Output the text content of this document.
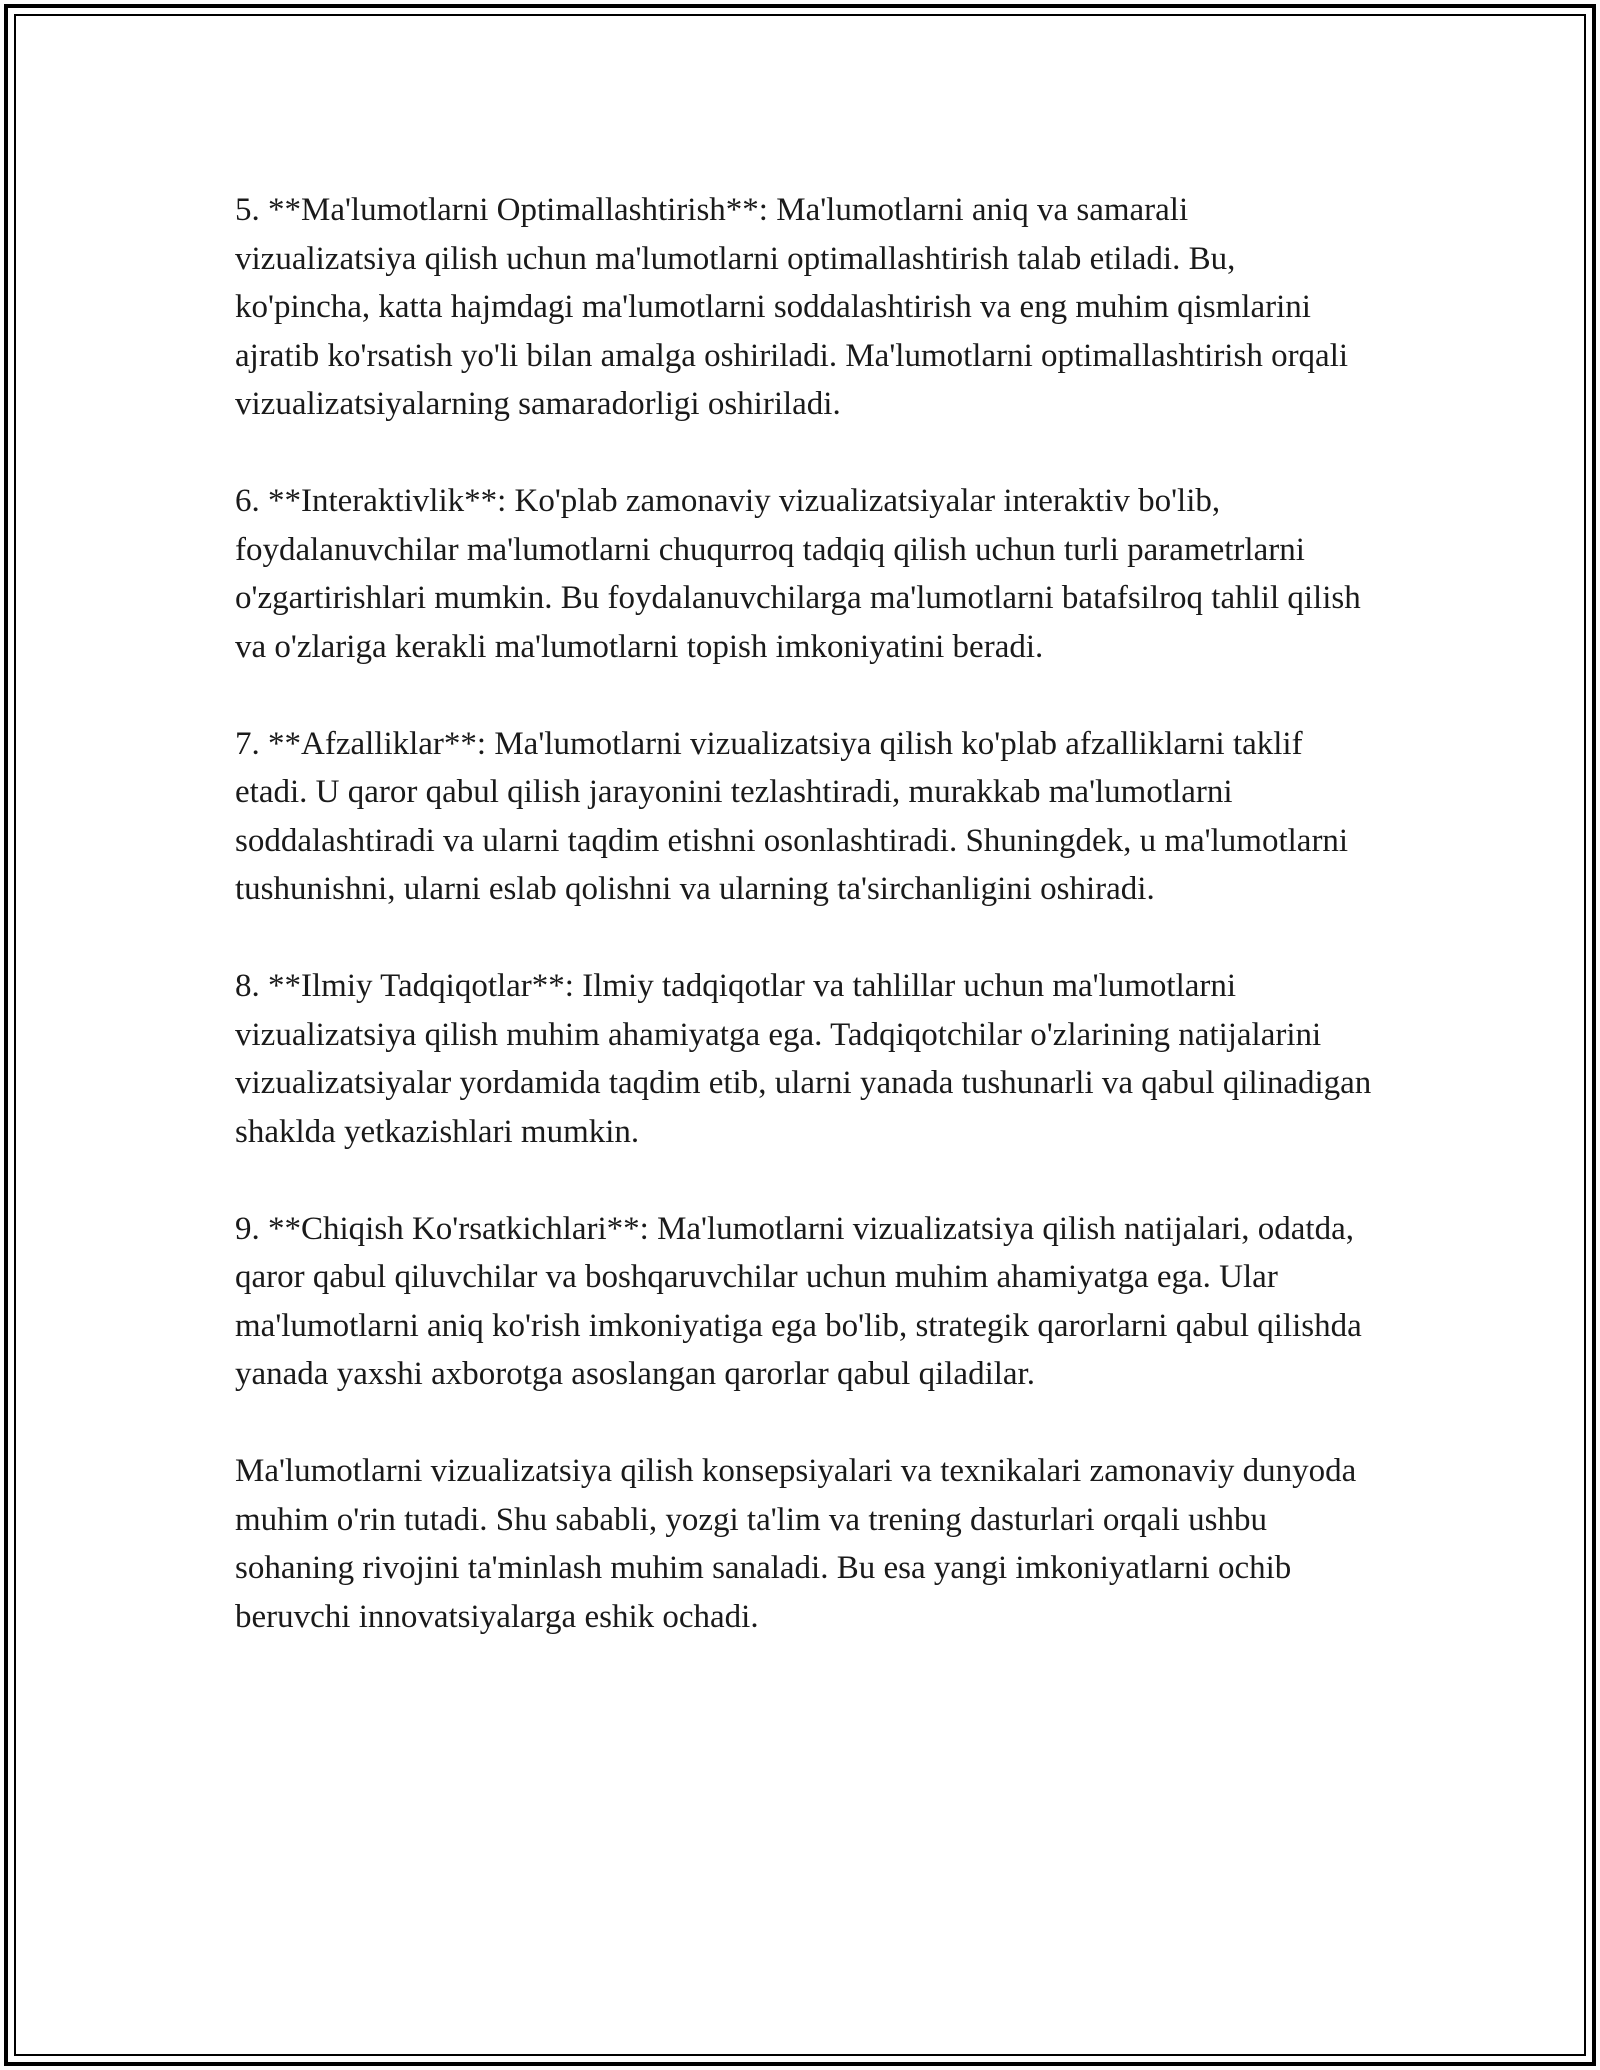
5. **Ma'lumotlarni Optimallashtirish**: Ma'lumotlarni aniq va samarali vizualizatsiya qilish uchun ma'lumotlarni optimallashtirish talab etiladi. Bu, ko'pincha, katta hajmdagi ma'lumotlarni soddalashtirish va eng muhim qismlarini ajratib ko'rsatish yo'li bilan amalga oshiriladi. Ma'lumotlarni optimallashtirish orqali vizualizatsiyalarning samaradorligi oshiriladi.

6. **Interaktivlik**: Ko'plab zamonaviy vizualizatsiyalar interaktiv bo'lib, foydalanuvchilar ma'lumotlarni chuqurroq tadqiq qilish uchun turli parametrlarni o'zgartirishlari mumkin. Bu foydalanuvchilarga ma'lumotlarni batafsilroq tahlil qilish va o'zlariga kerakli ma'lumotlarni topish imkoniyatini beradi.

7. **Afzalliklar**: Ma'lumotlarni vizualizatsiya qilish ko'plab afzalliklarni taklif etadi. U qaror qabul qilish jarayonini tezlashtiradi, murakkab ma'lumotlarni soddalashtiradi va ularni taqdim etishni osonlashtiradi. Shuningdek, u ma'lumotlarni tushunishni, ularni eslab qolishni va ularning ta'sirchanligini oshiradi.

8. **Ilmiy Tadqiqotlar**: Ilmiy tadqiqotlar va tahlillar uchun ma'lumotlarni vizualizatsiya qilish muhim ahamiyatga ega. Tadqiqotchilar o'zlarining natijalarini vizualizatsiyalar yordamida taqdim etib, ularni yanada tushunarli va qabul qilinadigan shaklda yetkazishlari mumkin.

9. **Chiqish Ko'rsatkichlari**: Ma'lumotlarni vizualizatsiya qilish natijalari, odatda, qaror qabul qiluvchilar va boshqaruvchilar uchun muhim ahamiyatga ega. Ular ma'lumotlarni aniq ko'rish imkoniyatiga ega bo'lib, strategik qarorlarni qabul qilishda yanada yaxshi axborotga asoslangan qarorlar qabul qiladilar.

Ma'lumotlarni vizualizatsiya qilish konsepsiyalari va texnikalari zamonaviy dunyoda muhim o'rin tutadi. Shu sababli, yozgi ta'lim va trening dasturlari orqali ushbu sohaning rivojini ta'minlash muhim sanaladi. Bu esa yangi imkoniyatlarni ochib beruvchi innovatsiyalarga eshik ochadi.
